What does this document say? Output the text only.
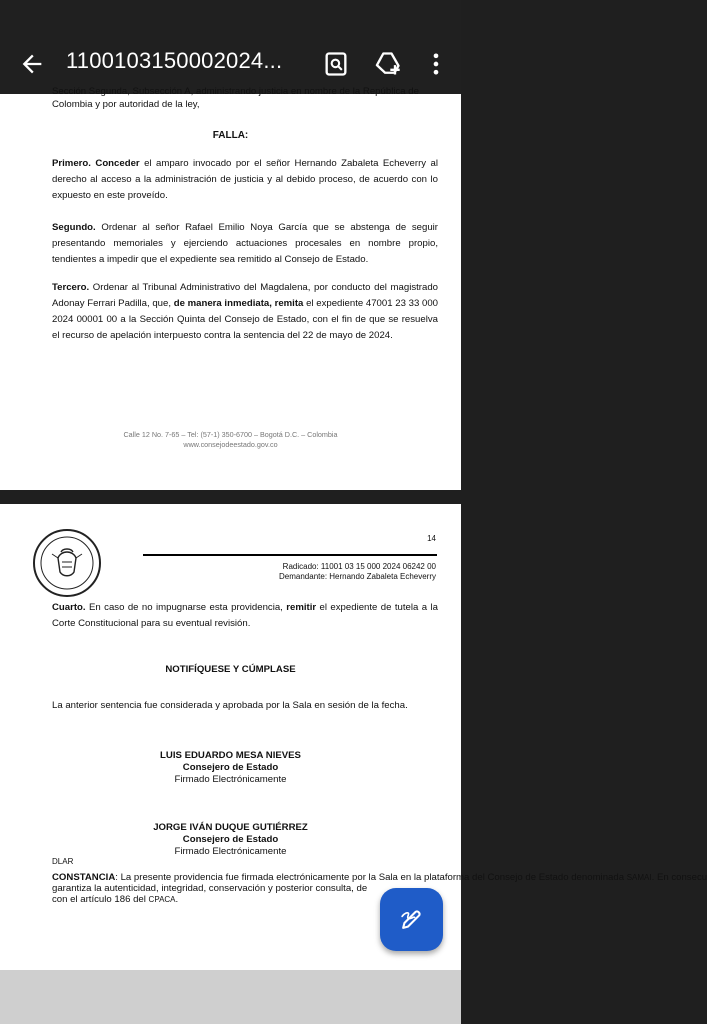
1100103150002024...
Sección Segunda, Subsección A, administrando justicia en nombre de la República de
Colombia y por autoridad de la ley,
FALLA:
Primero. Conceder el amparo invocado por el señor Hernando Zabaleta Echeverry al derecho al acceso a la administración de justicia y al debido proceso, de acuerdo con lo expuesto en este proveído.
Segundo. Ordenar al señor Rafael Emilio Noya García que se abstenga de seguir presentando memoriales y ejerciendo actuaciones procesales en nombre propio, tendientes a impedir que el expediente sea remitido al Consejo de Estado.
Tercero. Ordenar al Tribunal Administrativo del Magdalena, por conducto del magistrado Adonay Ferrari Padilla, que, de manera inmediata, remita el expediente 47001 23 33 000 2024 00001 00 a la Sección Quinta del Consejo de Estado, con el fin de que se resuelva el recurso de apelación interpuesto contra la sentencia del 22 de mayo de 2024.
Calle 12 No. 7-65 – Tel: (57-1) 350-6700 – Bogotá D.C. – Colombia
www.consejodeestado.gov.co
14
Radicado: 11001 03 15 000 2024 06242 00
Demandante: Hernando Zabaleta Echeverry
Cuarto. En caso de no impugnarse esta providencia, remitir el expediente de tutela a la Corte Constitucional para su eventual revisión.
NOTIFÍQUESE Y CÚMPLASE
La anterior sentencia fue considerada y aprobada por la Sala en sesión de la fecha.
LUIS EDUARDO MESA NIEVES
Consejero de Estado
Firmado Electrónicamente
JORGE IVÁN DUQUE GUTIÉRREZ
Consejero de Estado
Firmado Electrónicamente
DLAR
CONSTANCIA: La presente providencia fue firmada electrónicamente por la Sala en la plataforma del Consejo de Estado denominada SAMAI. En consecu
garantiza la autenticidad, integridad, conservación y posterior consulta, de
con el artículo 186 del CPACA.
